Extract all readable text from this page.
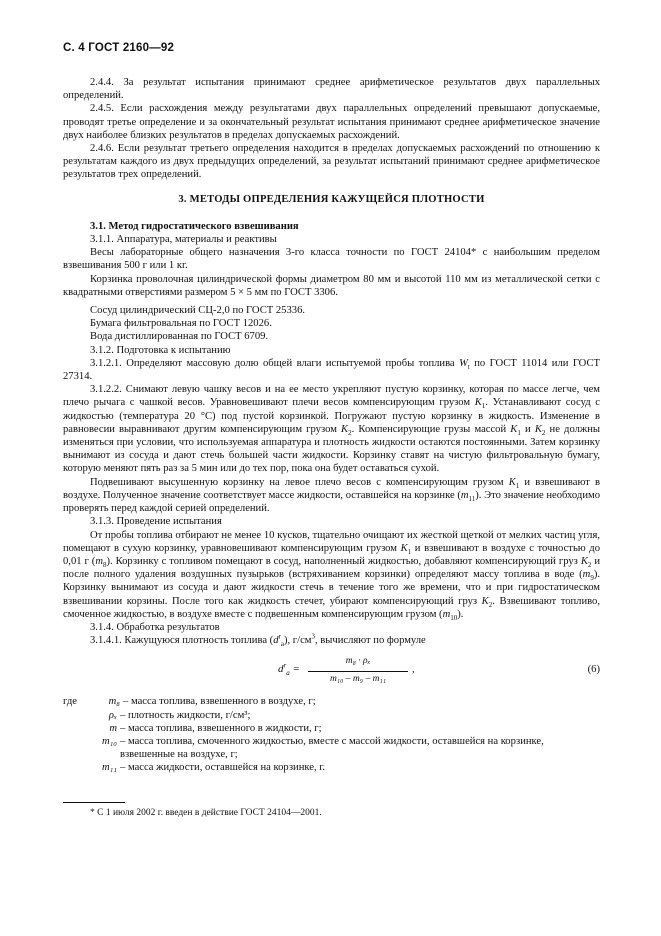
С. 4 ГОСТ 2160—92

2.4.4. За результат испытания принимают среднее арифметическое результатов двух параллельных определений.

2.4.5. Если расхождения между результатами двух параллельных определений превышают допускаемые, проводят третье определение и за окончательный результат испытания принимают среднее арифметическое значение двух наиболее близких результатов в пределах допускаемых расхождений.

2.4.6. Если результат третьего определения находится в пределах допускаемых расхождений по отношению к результатам каждого из двух предыдущих определений, за результат испытаний принимают среднее арифметическое результатов трех определений.

3. МЕТОДЫ ОПРЕДЕЛЕНИЯ КАЖУЩЕЙСЯ ПЛОТНОСТИ

3.1. Метод гидростатического взвешивания

3.1.1. Аппаратура, материалы и реактивы

Весы лабораторные общего назначения 3-го класса точности по ГОСТ 24104* с наибольшим пределом взвешивания 500 г или 1 кг.

Корзинка проволочная цилиндрической формы диаметром 80 мм и высотой 110 мм из металлической сетки с квадратными отверстиями размером 5 × 5 мм по ГОСТ 3306.

Сосуд цилиндрический СЦ-2,0 по ГОСТ 25336.

Бумага фильтровальная по ГОСТ 12026.

Вода дистиллированная по ГОСТ 6709.

3.1.2. Подготовка к испытанию

3.1.2.1. Определяют массовую долю общей влаги испытуемой пробы топлива $W_t$ по ГОСТ 11014 или ГОСТ 27314.

3.1.2.2. Снимают левую чашку весов и на ее место укрепляют пустую корзинку, которая по массе легче, чем плечо рычага с чашкой весов. Уравновешивают плечи весов компенсирующим грузом $K_1$. Устанавливают сосуд с жидкостью (температура 20 °С) под пустой корзинкой. Погружают пустую корзинку в жидкость. Изменение в равновесии выравнивают другим компенсирующим грузом $K_2$. Компенсирующие грузы массой $K_1$ и $K_2$ не должны изменяться при условии, что используемая аппаратура и плотность жидкости остаются постоянными. Затем корзинку вынимают из сосуда и дают стечь большей части жидкости. Корзинку ставят на чистую фильтровальную бумагу, которую меняют пять раз за 5 мин или до тех пор, пока она будет оставаться сухой.

Подвешивают высушенную корзинку на левое плечо весов с компенсирующим грузом $K_1$ и взвешивают в воздухе. Полученное значение соответствует массе жидкости, оставшейся на корзинке $(m_{11})$. Это значение необходимо проверять перед каждой серией определений.

3.1.3. Проведение испытания

От пробы топлива отбирают не менее 10 кусков, тщательно очищают их жесткой щеткой от мелких частиц угля, помещают в сухую корзинку, уравновешивают компенсирующим грузом $K_1$ и взвешивают в воздухе с точностью до 0,01 г $(m_8)$. Корзинку с топливом помещают в сосуд, наполненный жидкостью, добавляют компенсирующий груз $K_2$ и после полного удаления воздушных пузырьков (встряхиванием корзинки) определяют массу топлива в воде $(m_9)$. Корзинку вынимают из сосуда и дают жидкости стечь в течение того же времени, что и при гидростатическом взвешивании корзины. После того как жидкость стечет, убирают компенсирующий груз $K_2$. Взвешивают топливо, смоченное жидкостью, в воздухе вместе с подвешенным компенсирующим грузом $(m_{10})$.

3.1.4. Обработка результатов

3.1.4.1. Кажущуюся плотность топлива $(d^r_a)$, $г/см^3$, вычисляют по формуле

$d^r_a$ =
m₈ · ρₓ
m₁₀ – m₉ – m₁₁
,	(6)
где	m₈ – масса топлива, взвешенного в воздухе, г;
ρₓ – плотность жидкости, г/см³;
m – масса топлива, взвешенного в жидкости, г;
m₁₀ – масса топлива, смоченного жидкостью, вместе с массой жидкости, оставшейся на корзинке, взвешенные на воздухе, г;
m₁₁ – масса жидкости, оставшейся на корзинке, г.
* С 1 июля 2002 г. введен в действие ГОСТ 24104—2001.
